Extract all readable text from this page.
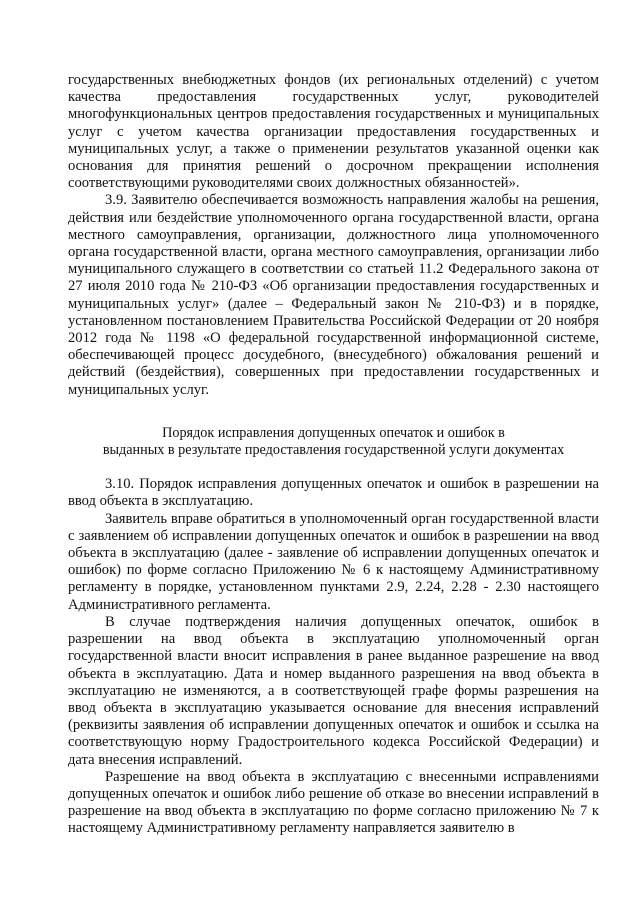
государственных внебюджетных фондов (их региональных отделений) с учетом качества предоставления государственных услуг, руководителей многофункциональных центров предоставления государственных и муниципальных услуг с учетом качества организации предоставления государственных и муниципальных услуг, а также о применении результатов указанной оценки как основания для принятия решений о досрочном прекращении исполнения соответствующими руководителями своих должностных обязанностей».

3.9. Заявителю обеспечивается возможность направления жалобы на решения, действия или бездействие уполномоченного органа государственной власти, органа местного самоуправления, организации, должностного лица уполномоченного органа государственной власти, органа местного самоуправления, организации либо муниципального служащего в соответствии со статьей 11.2 Федерального закона от 27 июля 2010 года № 210-ФЗ «Об организации предоставления государственных и муниципальных услуг» (далее – Федеральный закон № 210-ФЗ) и в порядке, установленном постановлением Правительства Российской Федерации от 20 ноября 2012 года № 1198 «О федеральной государственной информационной системе, обеспечивающей процесс досудебного, (внесудебного) обжалования решений и действий (бездействия), совершенных при предоставлении государственных и муниципальных услуг.

Порядок исправления допущенных опечаток и ошибок в
выданных в результате предоставления государственной услуги документах

3.10. Порядок исправления допущенных опечаток и ошибок в разрешении на ввод объекта в эксплуатацию.

Заявитель вправе обратиться в уполномоченный орган государственной власти с заявлением об исправлении допущенных опечаток и ошибок в разрешении на ввод объекта в эксплуатацию (далее - заявление об исправлении допущенных опечаток и ошибок) по форме согласно Приложению № 6 к настоящему Административному регламенту в порядке, установленном пунктами 2.9, 2.24, 2.28 - 2.30 настоящего Административного регламента.

В случае подтверждения наличия допущенных опечаток, ошибок в разрешении на ввод объекта в эксплуатацию уполномоченный орган государственной власти вносит исправления в ранее выданное разрешение на ввод объекта в эксплуатацию. Дата и номер выданного разрешения на ввод объекта в эксплуатацию не изменяются, а в соответствующей графе формы разрешения на ввод объекта в эксплуатацию указывается основание для внесения исправлений (реквизиты заявления об исправлении допущенных опечаток и ошибок и ссылка на соответствующую норму Градостроительного кодекса Российской Федерации) и дата внесения исправлений.

Разрешение на ввод объекта в эксплуатацию с внесенными исправлениями допущенных опечаток и ошибок либо решение об отказе во внесении исправлений в разрешение на ввод объекта в эксплуатацию по форме согласно приложению № 7 к настоящему Административному регламенту направляется заявителю в
